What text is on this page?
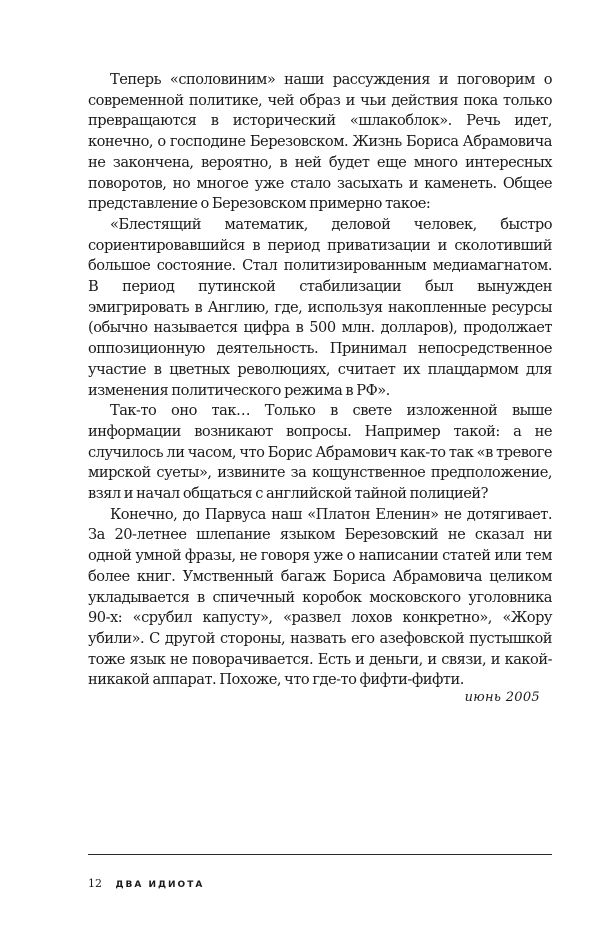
Теперь «споловиним» наши рассуждения и поговорим о современной политике, чей образ и чьи действия пока только превращаются в исторический «шлакоблок». Речь идет, конечно, о господине Березовском. Жизнь Бориса Абрамовича не закончена, вероятно, в ней будет еще много интересных поворотов, но многое уже стало засыхать и каменеть. Общее представление о Березовском примерно такое:

«Блестящий математик, деловой человек, быстро сориентировавшийся в период приватизации и сколотивший большое состояние. Стал политизированным медиамагнатом. В период путинской стабилизации был вынужден эмигрировать в Англию, где, используя накопленные ресурсы (обычно называется цифра в 500 млн. долларов), продолжает оппозиционную деятельность. Принимал непосредственное участие в цветных революциях, считает их плацдармом для изменения политического режима в РФ».

Так-то оно так… Только в свете изложенной выше информации возникают вопросы. Например такой: а не случилось ли часом, что Борис Абрамович как-то так «в тревоге мирской суеты», извините за кощунственное предположение, взял и начал общаться с английской тайной полицией?

Конечно, до Парвуса наш «Платон Еленин» не дотягивает. За 20-летнее шлепание языком Березовский не сказал ни одной умной фразы, не говоря уже о написании статей или тем более книг. Умственный багаж Бориса Абрамовича целиком укладывается в спичечный коробок московского уголовника 90-х: «срубил капусту», «развел лохов конкретно», «Жору убили». С другой стороны, назвать его азефовской пустышкой тоже язык не поворачивается. Есть и деньги, и связи, и какой-никакой аппарат. Похоже, что где-то фифти-фифти.

июнь 2005
12 ДВА ИДИОТА
